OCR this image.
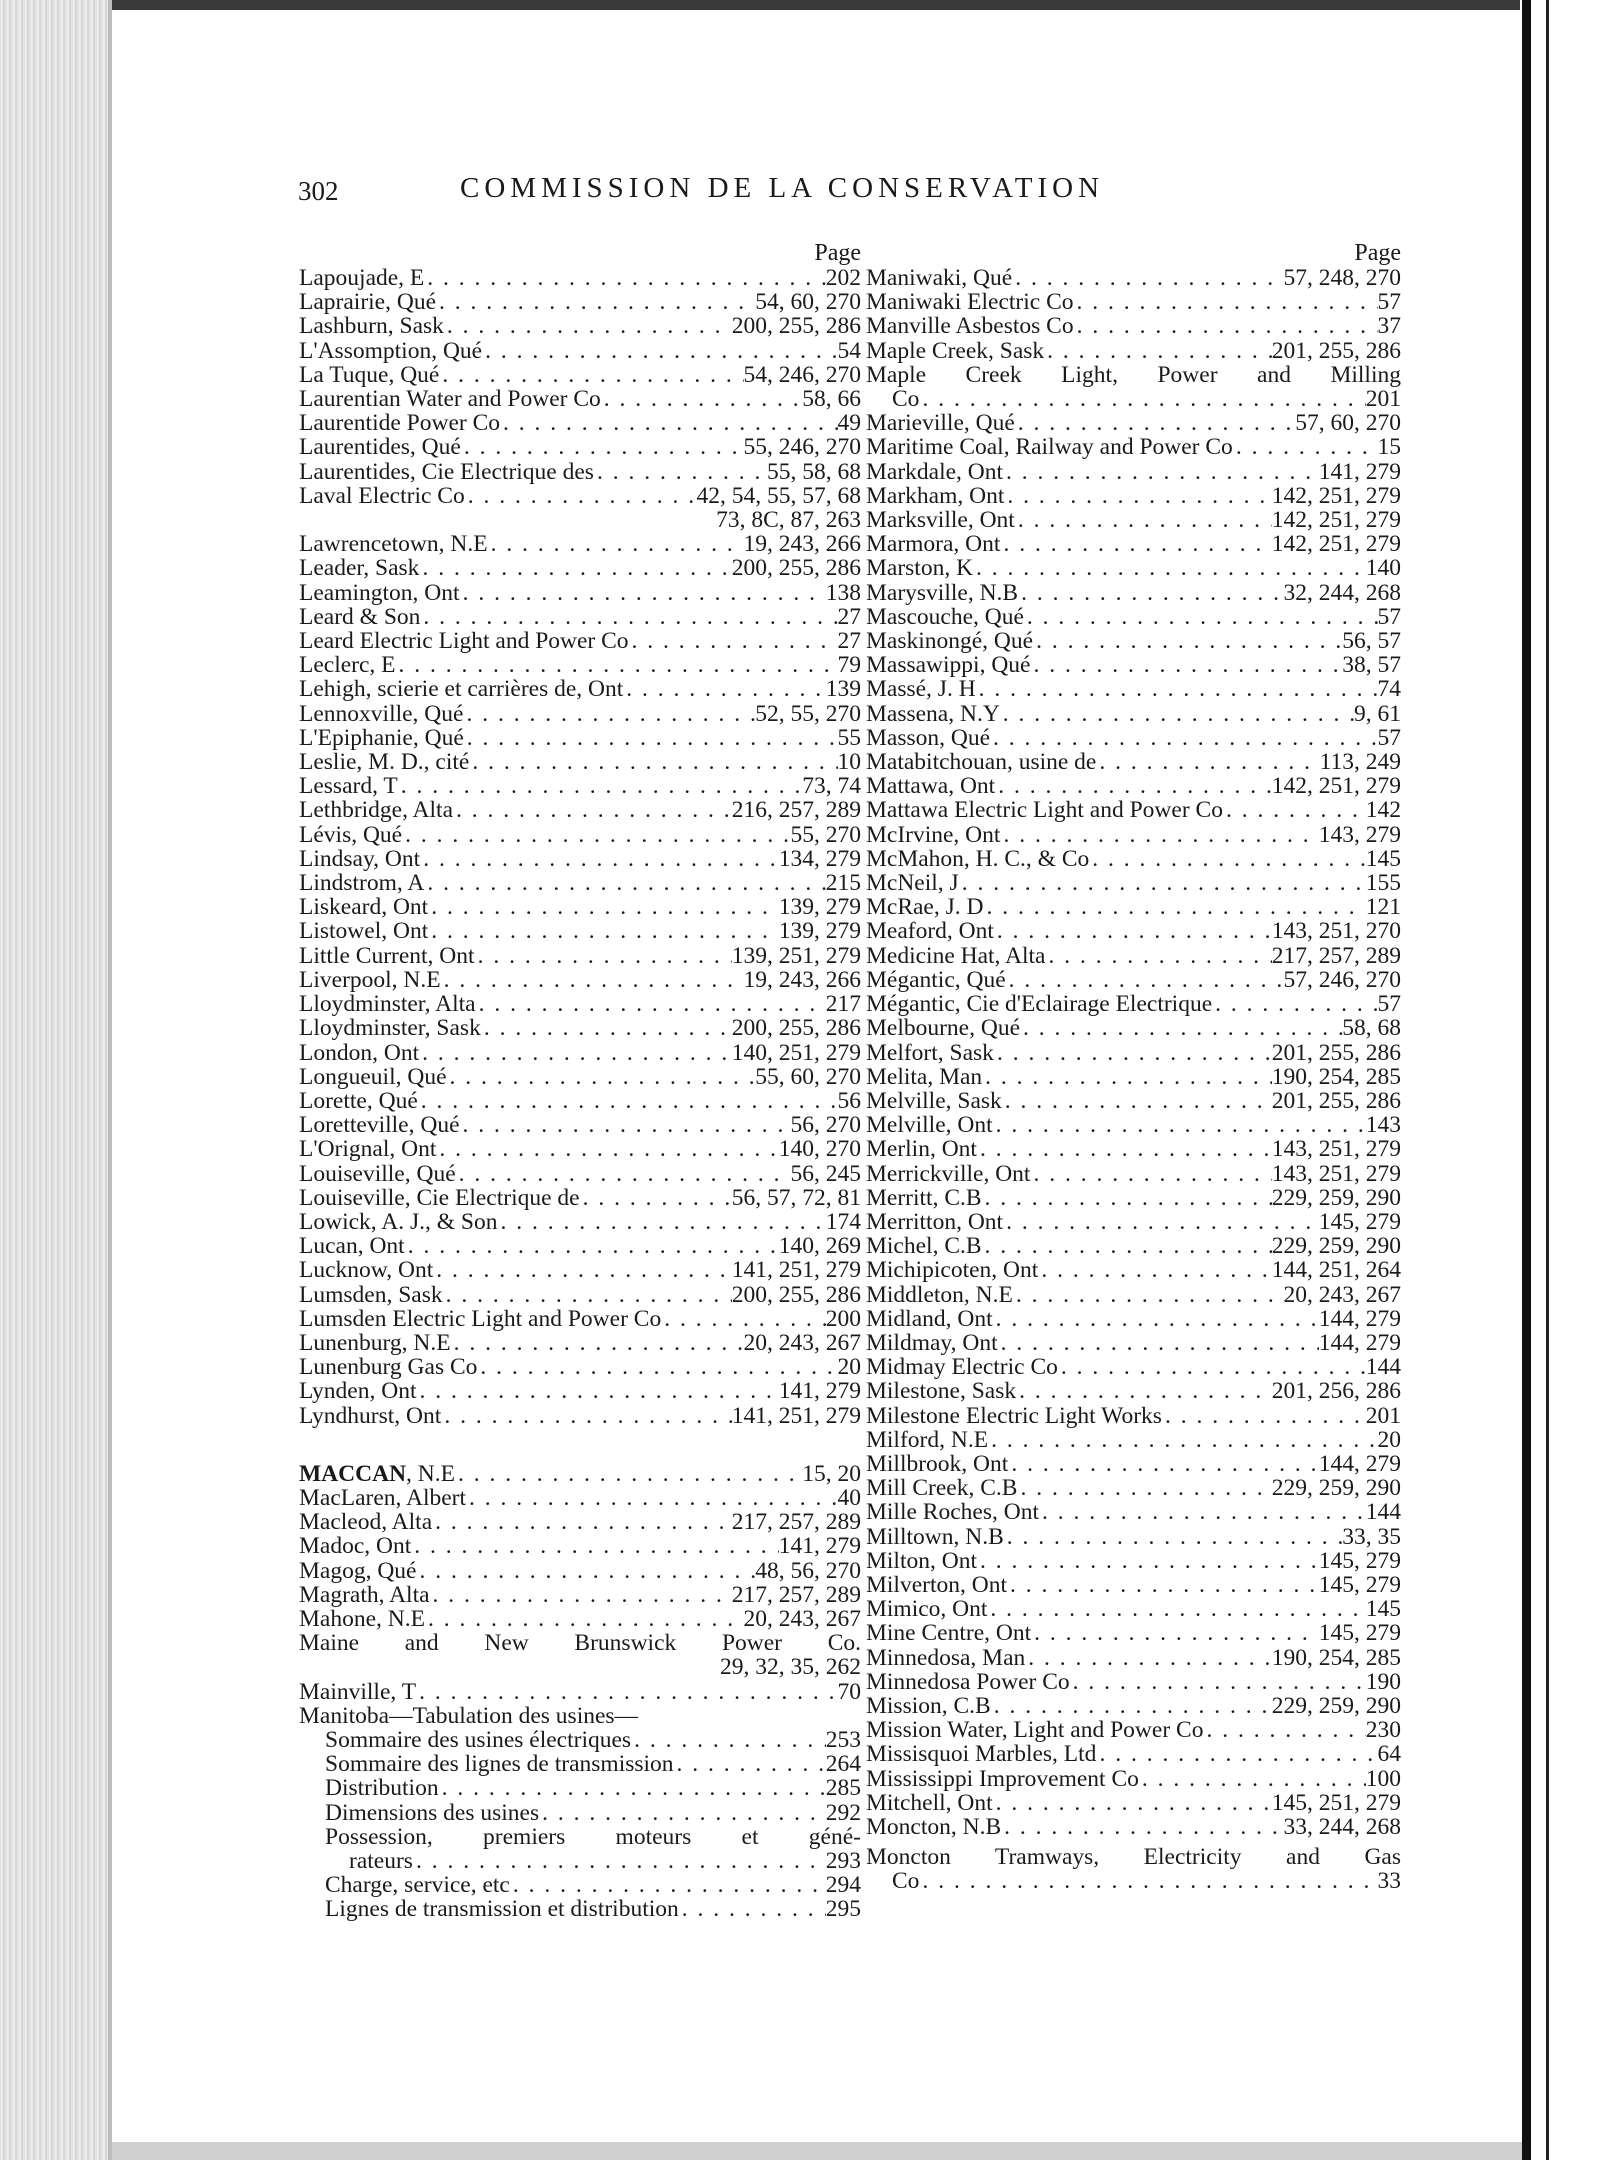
302	COMMISSION DE LA CONSERVATION
Page
Lapoujade, E . . .	202
Laprairie, Qué . . .	54, 60, 270
Lashburn, Sask . . .	200, 255, 286
L'Assomption, Qué . . .	54
La Tuque, Qué . . .	54, 246, 270
Laurentian Water and Power Co . . .	58, 66
Laurentide Power Co . . .	49
Laurentides, Qué . . .	55, 246, 270
Laurentides, Cie Electrique des . . .	55, 58, 68
Laval Electric Co . . .	42, 54, 55, 57, 68
73, 8C, 87, 263
Lawrencetown, N.E . . .	19, 243, 266
Leader, Sask . . .	200, 255, 286
Leamington, Ont . . .	138
Leard & Son . . .	27
Leard Electric Light and Power Co . . .	27
Leclerc, E . . .	79
Lehigh, scierie et carrières de, Ont . . .	139
Lennoxville, Qué . . .	52, 55, 270
L'Epiphanie, Qué . . .	55
Leslie, M. D., cité . . .	10
Lessard, T . . .	73, 74
Lethbridge, Alta . . .	216, 257, 289
Lévis, Qué . . .	55, 270
Lindsay, Ont . . .	134, 279
Lindstrom, A . . .	215
Liskeard, Ont . . .	139, 279
Listowel, Ont . . .	139, 279
Little Current, Ont . . .	139, 251, 279
Liverpool, N.E . . .	19, 243, 266
Lloydminster, Alta . . .	217
Lloydminster, Sask . . .	200, 255, 286
London, Ont . . .	140, 251, 279
Longueuil, Qué . . .	55, 60, 270
Lorette, Qué . . .	56
Loretteville, Qué . . .	56, 270
L'Orignal, Ont . . .	140, 270
Louiseville, Qué . . .	56, 245
Louiseville, Cie Electrique de . . .	56, 57, 72, 81
Lowick, A. J., & Son . . .	174
Lucan, Ont . . .	140, 269
Lucknow, Ont . . .	141, 251, 279
Lumsden, Sask . . .	200, 255, 286
Lumsden Electric Light and Power Co . . .	200
Lunenburg, N.E . . .	20, 243, 267
Lunenburg Gas Co . . .	20
Lynden, Ont . . .	141, 279
Lyndhurst, Ont . . .	141, 251, 279
MACCAN, N.E . . .	15, 20
MacLaren, Albert . . .	40
Macleod, Alta . . .	217, 257, 289
Madoc, Ont . . .	141, 279
Magog, Qué . . .	48, 56, 270
Magrath, Alta . . .	217, 257, 289
Mahone, N.E . . .	20, 243, 267
Maine and New Brunswick Power Co.
29, 32, 35, 262
Mainville, T . . .	70
Manitoba—Tabulation des usines—
Sommaire des usines électriques . . .	253
Sommaire des lignes de transmission . . .	264
Distribution . . .	285
Dimensions des usines . . .	292
Possession, premiers moteurs et géné-
rateurs . . .	293
Charge, service, etc . . .	294
Lignes de transmission et distribution . . .	295
Page
Maniwaki, Qué . . .	57, 248, 270
Maniwaki Electric Co . . .	57
Manville Asbestos Co . . .	37
Maple Creek, Sask . . .	201, 255, 286
Maple Creek Light, Power and Milling
Co . . .	201
Marieville, Qué . . .	57, 60, 270
Maritime Coal, Railway and Power Co . . .	15
Markdale, Ont . . .	141, 279
Markham, Ont . . .	142, 251, 279
Marksville, Ont . . .	142, 251, 279
Marmora, Ont . . .	142, 251, 279
Marston, K . . .	140
Marysville, N.B . . .	32, 244, 268
Mascouche, Qué . . .	57
Maskinongé, Qué . . .	56, 57
Massawippi, Qué . . .	38, 57
Massé, J. H . . .	74
Massena, N.Y . . .	9, 61
Masson, Qué . . .	57
Matabitchouan, usine de . . .	113, 249
Mattawa, Ont . . .	142, 251, 279
Mattawa Electric Light and Power Co . . .	142
McIrvine, Ont . . .	143, 279
McMahon, H. C., & Co . . .	145
McNeil, J . . .	155
McRae, J. D . . .	121
Meaford, Ont . . .	143, 251, 270
Medicine Hat, Alta . . .	217, 257, 289
Mégantic, Qué . . .	57, 246, 270
Mégantic, Cie d'Eclairage Electrique . . .	57
Melbourne, Qué . . .	58, 68
Melfort, Sask . . .	201, 255, 286
Melita, Man . . .	190, 254, 285
Melville, Sask . . .	201, 255, 286
Melville, Ont . . .	143
Merlin, Ont . . .	143, 251, 279
Merrickville, Ont . . .	143, 251, 279
Merritt, C.B . . .	229, 259, 290
Merritton, Ont . . .	145, 279
Michel, C.B . . .	229, 259, 290
Michipicoten, Ont . . .	144, 251, 264
Middleton, N.E . . .	20, 243, 267
Midland, Ont . . .	144, 279
Mildmay, Ont . . .	144, 279
Midmay Electric Co . . .	144
Milestone, Sask . . .	201, 256, 286
Milestone Electric Light Works . . .	201
Milford, N.E . . .	20
Millbrook, Ont . . .	144, 279
Mill Creek, C.B . . .	229, 259, 290
Mille Roches, Ont . . .	144
Milltown, N.B . . .	33, 35
Milton, Ont . . .	145, 279
Milverton, Ont . . .	145, 279
Mimico, Ont . . .	145
Mine Centre, Ont . . .	145, 279
Minnedosa, Man . . .	190, 254, 285
Minnedosa Power Co . . .	190
Mission, C.B . . .	229, 259, 290
Mission Water, Light and Power Co . . .	230
Missisquoi Marbles, Ltd . . .	64
Mississippi Improvement Co . . .	100
Mitchell, Ont . . .	145, 251, 279
Moncton, N.B . . .	33, 244, 268
Moncton Tramways, Electricity and Gas
Co . . .	33
